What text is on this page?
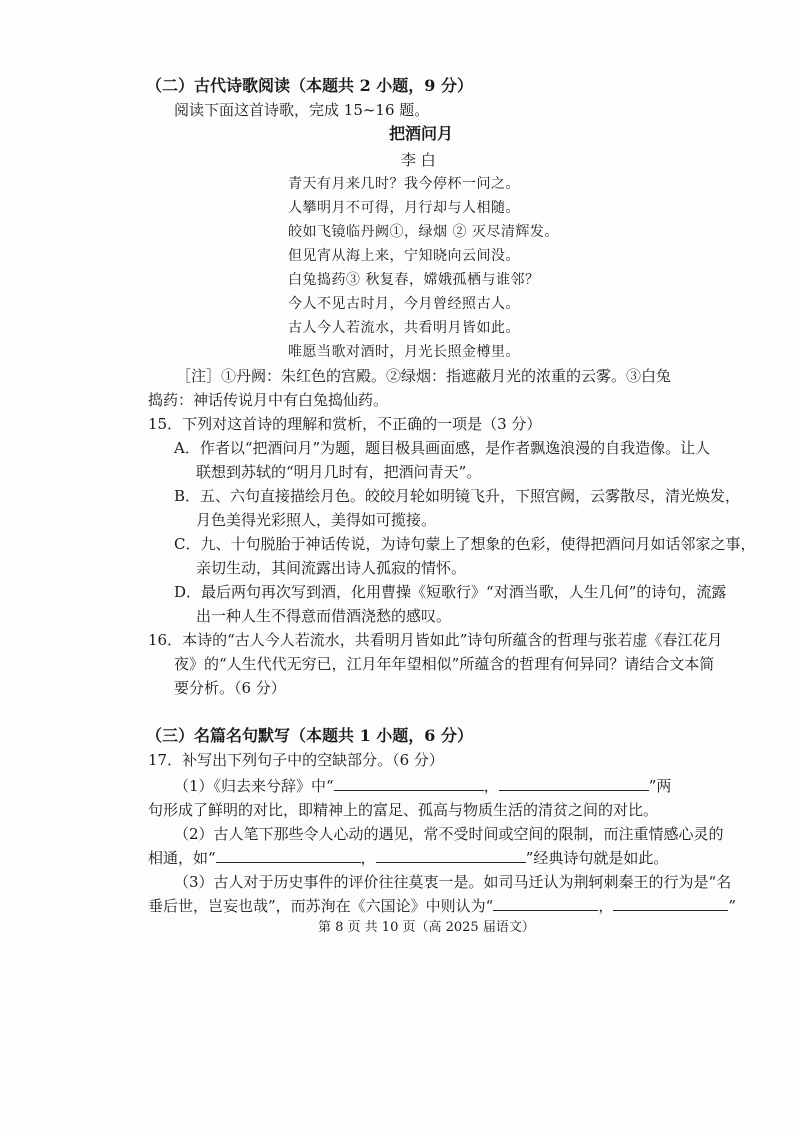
（二）古代诗歌阅读（本题共 2 小题，9 分）
阅读下面这首诗歌，完成 15~16 题。
把酒问月
李 白
青天有月来几时？我今停杯一问之。
人攀明月不可得，月行却与人相随。
皎如飞镜临丹阙①，绿烟 ② 灭尽清辉发。
但见宵从海上来，宁知晓向云间没。
白兔捣药③ 秋复春，嫦娥孤栖与谁邻？
今人不见古时月，今月曾经照古人。
古人今人若流水，共看明月皆如此。
唯愿当歌对酒时，月光长照金樽里。
［注］①丹阙：朱红色的宫殿。②绿烟：指遮蔽月光的浓重的云雾。③白兔
捣药：神话传说月中有白兔捣仙药。
15．下列对这首诗的理解和赏析，不正确的一项是（3 分）
A．作者以“把酒问月”为题，题目极具画面感，是作者飘逸浪漫的自我造像。让人
联想到苏轼的“明月几时有，把酒问青天”。
B．五、六句直接描绘月色。皎皎月轮如明镜飞升，下照宫阙，云雾散尽，清光焕发，
月色美得光彩照人，美得如可揽接。
C．九、十句脱胎于神话传说，为诗句蒙上了想象的色彩，使得把酒问月如话邻家之事，
亲切生动，其间流露出诗人孤寂的情怀。
D．最后两句再次写到酒，化用曹操《短歌行》“对酒当歌，人生几何”的诗句，流露
出一种人生不得意而借酒浇愁的感叹。
16．本诗的“古人今人若流水，共看明月皆如此”诗句所蕴含的哲理与张若虚《春江花月
夜》的“人生代代无穷已，江月年年望相似”所蕴含的哲理有何异同？请结合文本简
要分析。（6 分）
（三）名篇名句默写（本题共 1 小题，6 分）
17．补写出下列句子中的空缺部分。（6 分）
（1）《归去来兮辞》中“	，	”两
句形成了鲜明的对比，即精神上的富足、孤高与物质生活的清贫之间的对比。
（2）古人笔下那些令人心动的遇见，常不受时间或空间的限制，而注重情感心灵的
相通，如“	，	”经典诗句就是如此。
（3）古人对于历史事件的评价往往莫衷一是。如司马迁认为荆轲刺秦王的行为是“名
垂后世，岂妄也哉”，而苏洵在《六国论》中则认为“	，	”
第 8 页 共 10 页（高 2025 届语文）
